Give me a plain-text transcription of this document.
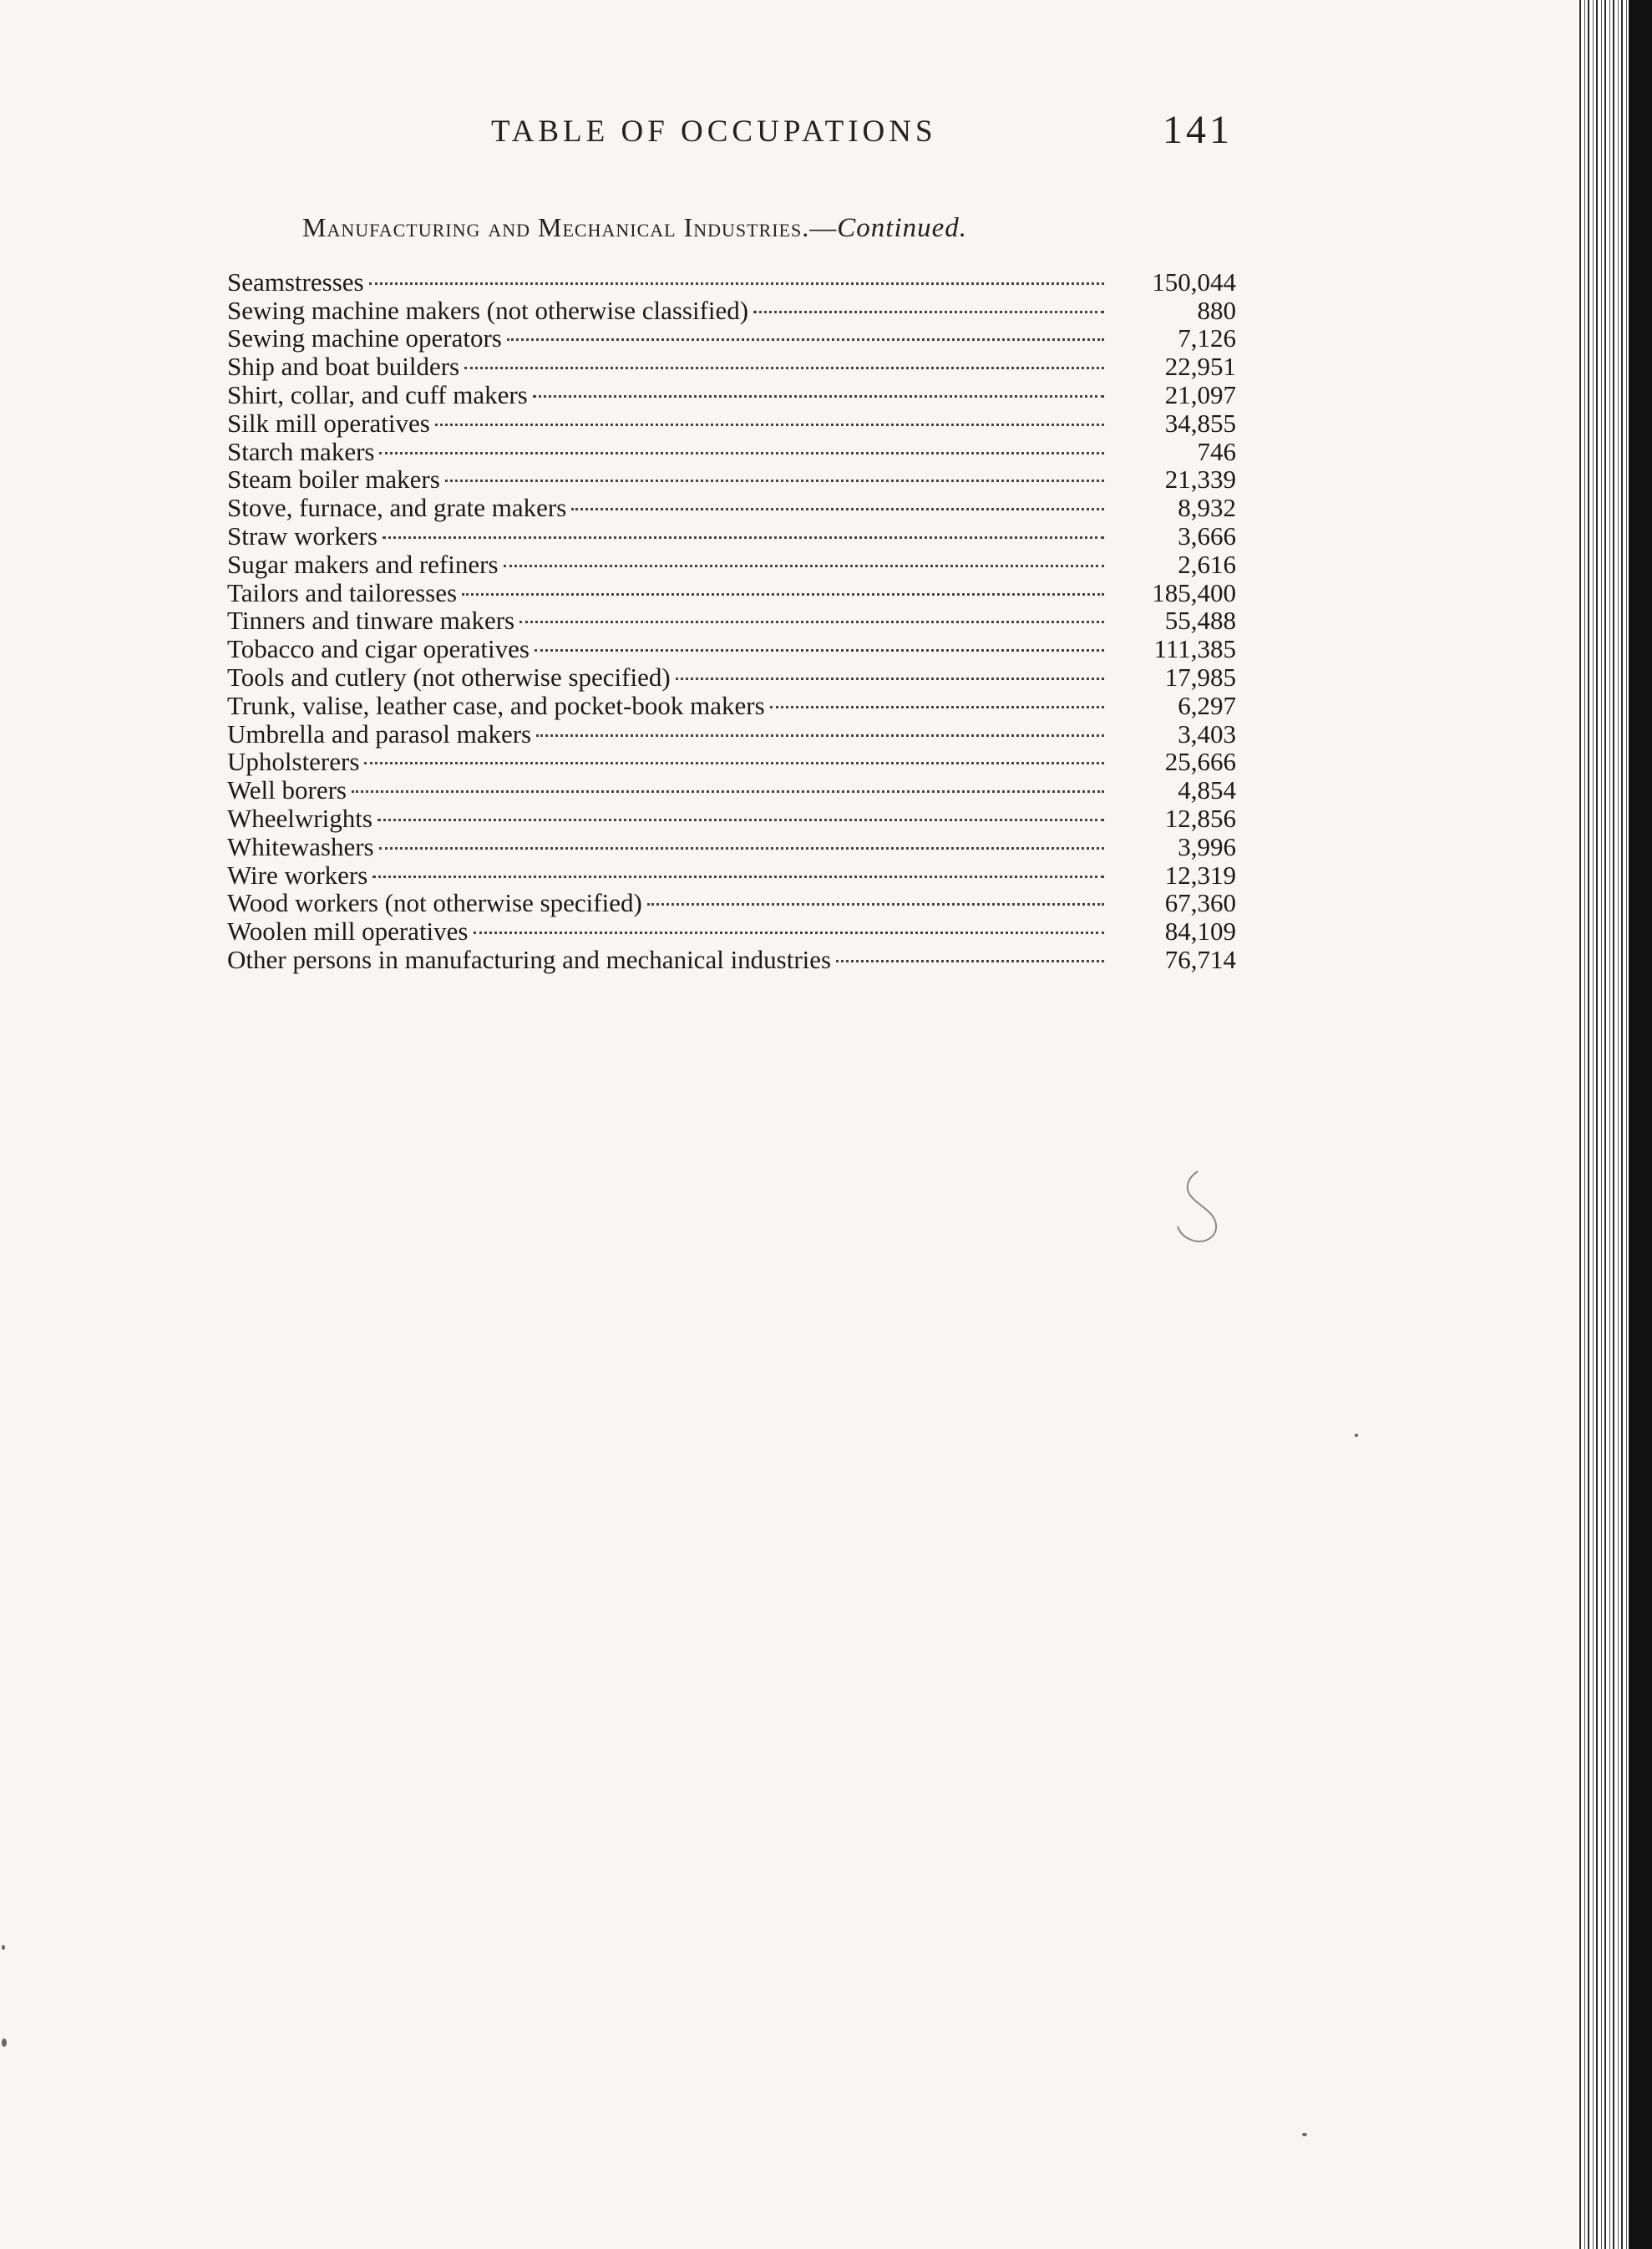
TABLE OF OCCUPATIONS	141
Manufacturing and Mechanical Industries.—Continued.
Seamstresses	150,044
Sewing machine makers (not otherwise classified)	880
Sewing machine operators	7,126
Ship and boat builders	22,951
Shirt, collar, and cuff makers	21,097
Silk mill operatives	34,855
Starch makers	746
Steam boiler makers	21,339
Stove, furnace, and grate makers	8,932
Straw workers	3,666
Sugar makers and refiners	2,616
Tailors and tailoresses	185,400
Tinners and tinware makers	55,488
Tobacco and cigar operatives	111,385
Tools and cutlery (not otherwise specified)	17,985
Trunk, valise, leather case, and pocket-book makers	6,297
Umbrella and parasol makers	3,403
Upholsterers	25,666
Well borers	4,854
Wheelwrights	12,856
Whitewashers	3,996
Wire workers	12,319
Wood workers (not otherwise specified)	67,360
Woolen mill operatives	84,109
Other persons in manufacturing and mechanical industries	76,714
